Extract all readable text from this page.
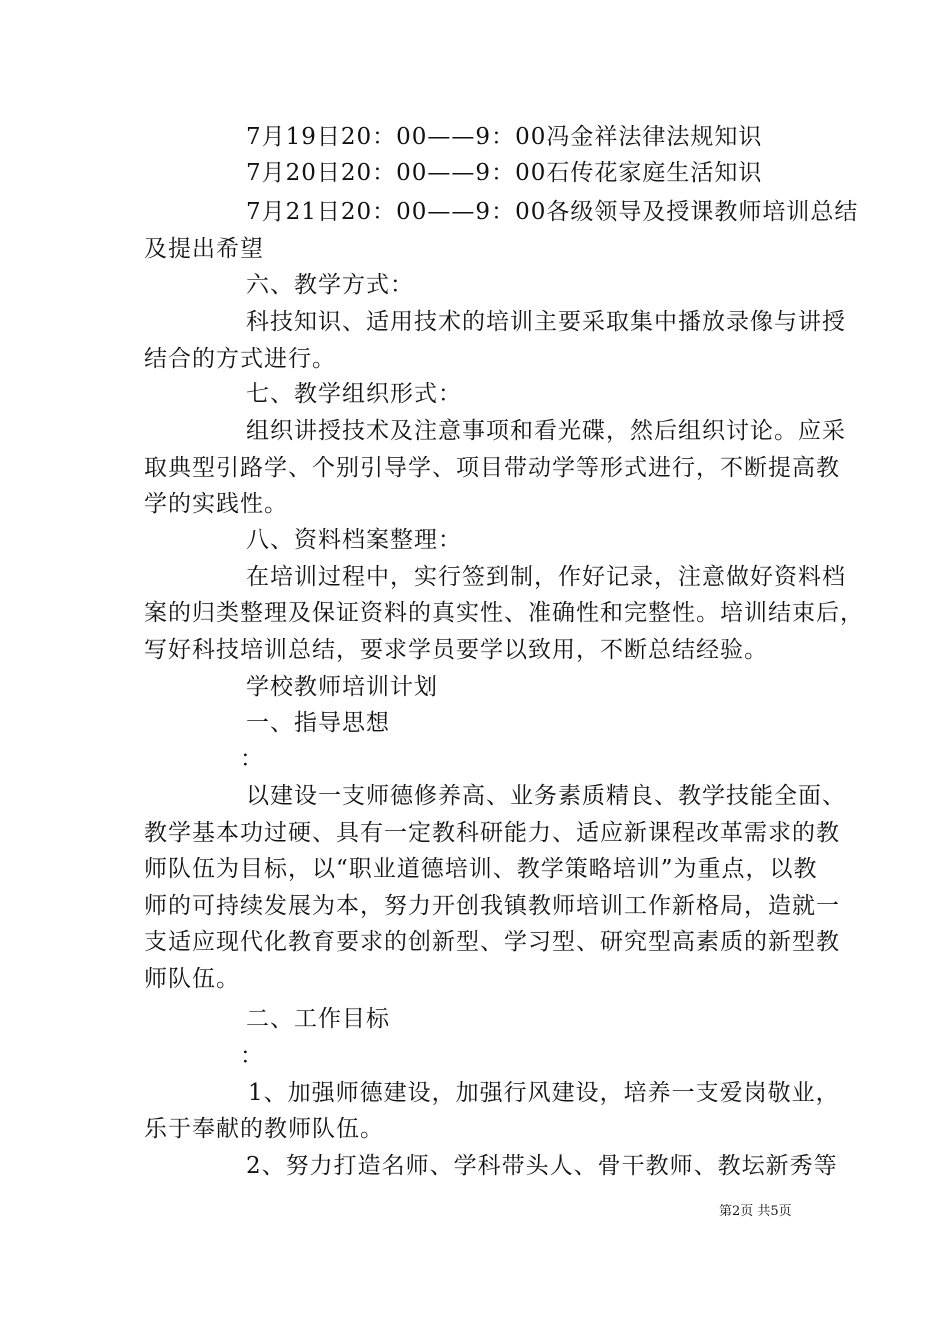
7月19日20：00——9：00冯金祥法律法规知识
7月20日20：00——9：00石传花家庭生活知识
7月21日20：00——9：00各级领导及授课教师培训总结
及提出希望
六、教学方式：
科技知识、适用技术的培训主要采取集中播放录像与讲授
结合的方式进行。
七、教学组织形式：
组织讲授技术及注意事项和看光碟，然后组织讨论。应采
取典型引路学、个别引导学、项目带动学等形式进行，不断提高教
学的实践性。
八、资料档案整理：
在培训过程中，实行签到制，作好记录，注意做好资料档
案的归类整理及保证资料的真实性、准确性和完整性。培训结束后，
写好科技培训总结，要求学员要学以致用，不断总结经验。
学校教师培训计划
一、指导思想
：
以建设一支师德修养高、业务素质精良、教学技能全面、
教学基本功过硬、具有一定教科研能力、适应新课程改革需求的教
师队伍为目标，以“职业道德培训、教学策略培训”为重点，以教
师的可持续发展为本，努力开创我镇教师培训工作新格局，造就一
支适应现代化教育要求的创新型、学习型、研究型高素质的新型教
师队伍。
二、工作目标
：
1、加强师德建设，加强行风建设，培养一支爱岗敬业，
乐于奉献的教师队伍。
2、努力打造名师、学科带头人、骨干教师、教坛新秀等
第2页 共5页
